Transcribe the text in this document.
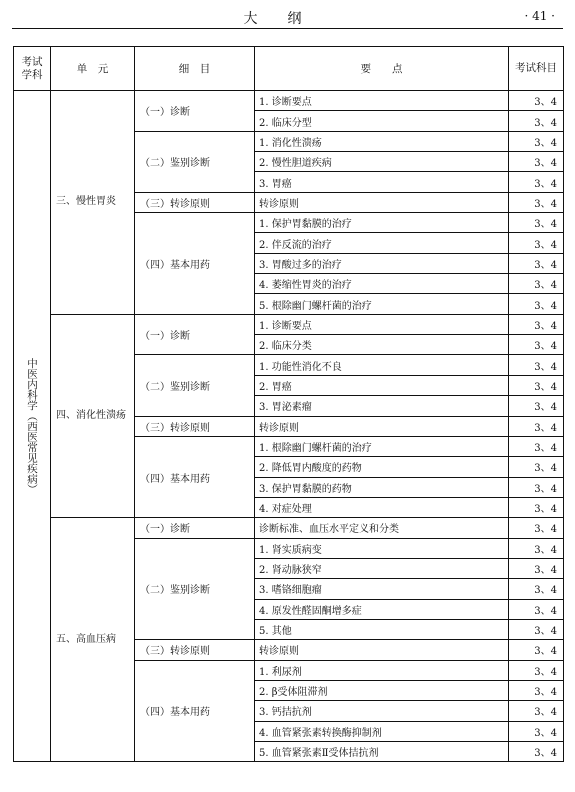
大纲	· 41 ·
考试学科	单　元	细　目	要　　点	考试科目
中医内科学（西医常见疾病）	三、慢性胃炎	（一）诊断	1. 诊断要点	3、4
			2. 临床分型	3、4
		（二）鉴别诊断	1. 消化性溃疡	3、4
			2. 慢性胆道疾病	3、4
			3. 胃癌	3、4
		（三）转诊原则	转诊原则	3、4
		（四）基本用药	1. 保护胃黏膜的治疗	3、4
			2. 伴反流的治疗	3、4
			3. 胃酸过多的治疗	3、4
			4. 萎缩性胃炎的治疗	3、4
			5. 根除幽门螺杆菌的治疗	3、4
	四、消化性溃疡	（一）诊断	1. 诊断要点	3、4
			2. 临床分类	3、4
		（二）鉴别诊断	1. 功能性消化不良	3、4
			2. 胃癌	3、4
			3. 胃泌素瘤	3、4
		（三）转诊原则	转诊原则	3、4
		（四）基本用药	1. 根除幽门螺杆菌的治疗	3、4
			2. 降低胃内酸度的药物	3、4
			3. 保护胃黏膜的药物	3、4
			4. 对症处理	3、4
	五、高血压病	（一）诊断	诊断标准、血压水平定义和分类	3、4
		（二）鉴别诊断	1. 肾实质病变	3、4
			2. 肾动脉狭窄	3、4
			3. 嗜铬细胞瘤	3、4
			4. 原发性醛固酮增多症	3、4
			5. 其他	3、4
		（三）转诊原则	转诊原则	3、4
		（四）基本用药	1. 利尿剂	3、4
			2. β受体阻滞剂	3、4
			3. 钙拮抗剂	3、4
			4. 血管紧张素转换酶抑制剂	3、4
			5. 血管紧张素Ⅱ受体拮抗剂	3、4
